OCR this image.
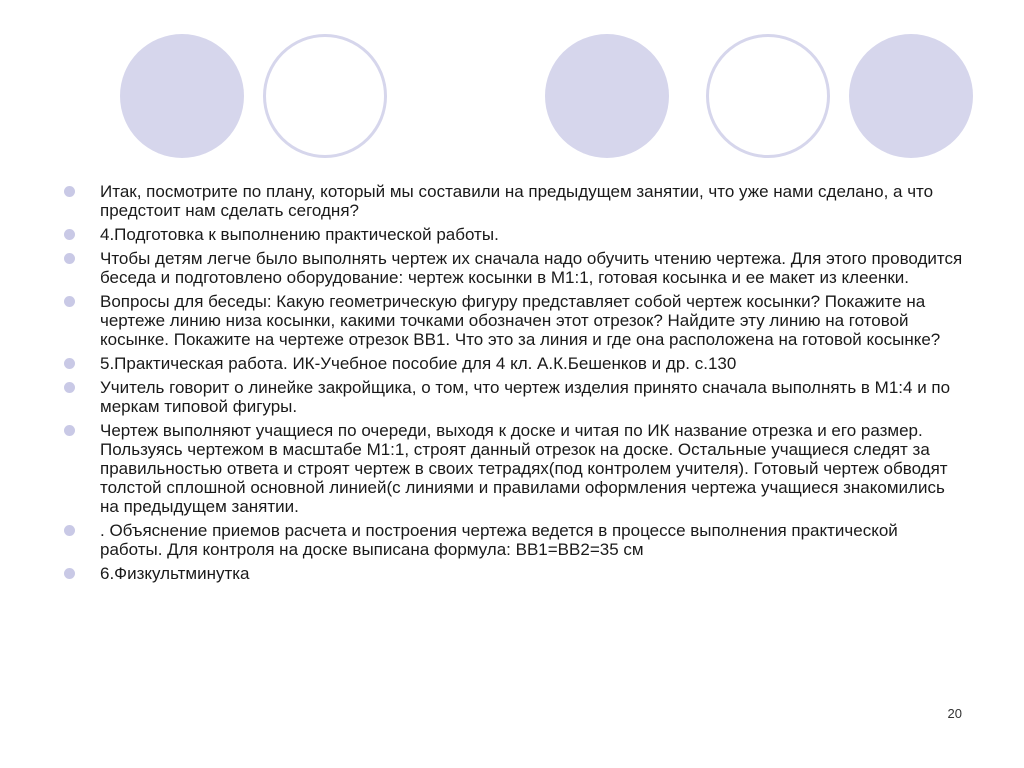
Итак, посмотрите по плану, который мы составили на предыдущем занятии, что уже нами сделано, а что предстоит нам сделать сегодня?
4.Подготовка к выполнению практической работы.
Чтобы детям легче было выполнять чертеж их сначала надо обучить чтению чертежа. Для этого проводится беседа и подготовлено оборудование: чертеж косынки в М1:1, готовая косынка и ее макет из клеенки.
Вопросы для беседы: Какую геометрическую фигуру представляет собой чертеж косынки? Покажите на чертеже линию низа косынки, какими точками обозначен этот отрезок? Найдите эту линию на готовой косынке. Покажите на чертеже отрезок ВВ1. Что это за линия и где она расположена на готовой косынке?
5.Практическая работа. ИК-Учебное пособие для 4 кл. А.К.Бешенков и др. с.130
Учитель говорит о линейке закройщика, о том, что чертеж изделия принято сначала выполнять в М1:4 и по меркам типовой фигуры.
Чертеж выполняют учащиеся по очереди, выходя к доске и читая по ИК название отрезка и его размер. Пользуясь чертежом в масштабе М1:1, строят данный отрезок на доске. Остальные учащиеся следят за правильностью ответа и строят чертеж в своих тетрадях(под контролем учителя). Готовый чертеж обводят толстой сплошной основной линией(с линиями и правилами оформления чертежа учащиеся знакомились на предыдущем занятии.
. Объяснение приемов расчета и построения чертежа ведется в процессе выполнения практической работы. Для контроля на доске выписана формула: ВВ1=ВВ2=35 см
6.Физкультминутка
20
